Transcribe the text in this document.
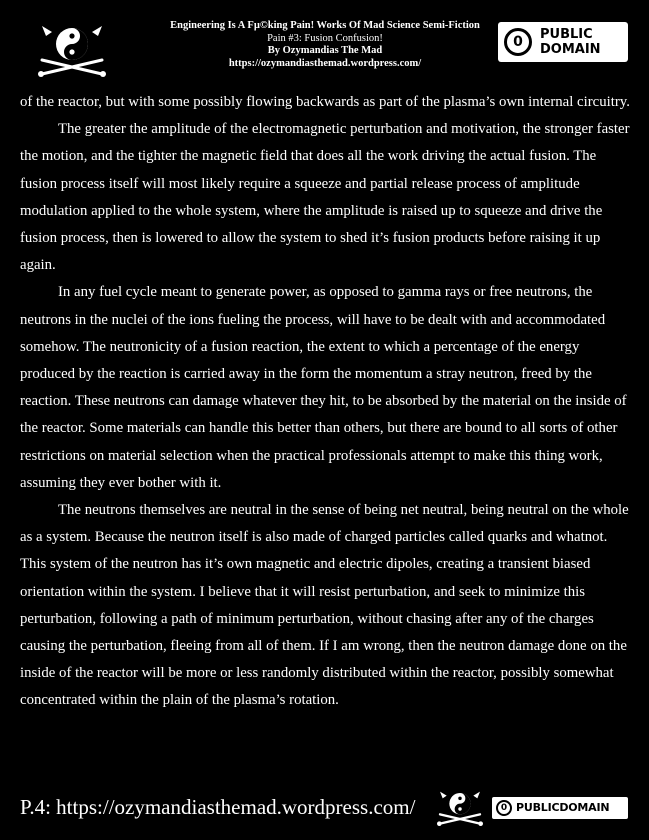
Engineering Is A Fµ©king Pain! Works Of Mad Science Semi-Fiction
Pain #3: Fusion Confusion!
By Ozymandias The Mad
https://ozymandiasthemad.wordpress.com/
0	PUBLIC
DOMAIN

of the reactor, but with some possibly flowing backwards as part of the plasma’s own internal circuitry.

The greater the amplitude of the electromagnetic perturbation and motivation, the stronger faster the motion, and the tighter the magnetic field that does all the work driving the actual fusion. The fusion process itself will most likely require a squeeze and partial release process of amplitude modulation applied to the whole system, where the amplitude is raised up to squeeze and drive the fusion process, then is lowered to allow the system to shed it’s fusion products before raising it up again.

In any fuel cycle meant to generate power, as opposed to gamma rays or free neutrons, the neutrons in the nuclei of the ions fueling the process, will have to be dealt with and accommodated somehow. The neutronicity of a fusion reaction, the extent to which a percentage of the energy produced by the reaction is carried away in the form the momentum a stray neutron, freed by the reaction. These neutrons can damage whatever they hit, to be absorbed by the material on the inside of the reactor. Some materials can handle this better than others, but there are bound to all sorts of other restrictions on material selection when the practical professionals attempt to make this thing work, assuming they ever bother with it.

The neutrons themselves are neutral in the sense of being net neutral, being neutral on the whole as a system. Because the neutron itself is also made of charged particles called quarks and whatnot. This system of the neutron has it’s own magnetic and electric dipoles, creating a transient biased orientation within the system. I believe that it will resist perturbation, and seek to minimize this perturbation, following a path of minimum perturbation, without chasing after any of the charges causing the perturbation, fleeing from all of them. If I am wrong, then the neutron damage done on the inside of the reactor will be more or less randomly distributed within the reactor, possibly somewhat concentrated within the plain of the plasma’s rotation.

P.4: https://ozymandiasthemad.wordpress.com/	0 PUBLICDOMAIN
